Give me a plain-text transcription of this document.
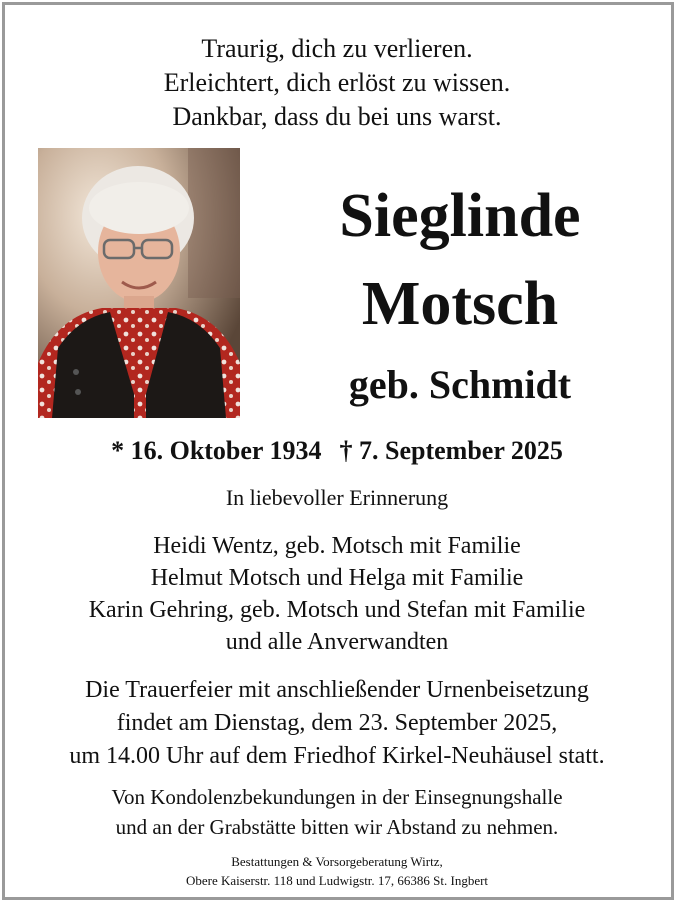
Traurig, dich zu verlieren.
Erleichtert, dich erlöst zu wissen.
Dankbar, dass du bei uns warst.
Sieglinde
Motsch
geb. Schmidt
* 16. Oktober 1934 † 7. September 2025
In liebevoller Erinnerung
Heidi Wentz, geb. Motsch mit Familie
Helmut Motsch und Helga mit Familie
Karin Gehring, geb. Motsch und Stefan mit Familie
und alle Anverwandten
Die Trauerfeier mit anschließender Urnenbeisetzung
findet am Dienstag, dem 23. September 2025,
um 14.00 Uhr auf dem Friedhof Kirkel-Neuhäusel statt.
Von Kondolenzbekundungen in der Einsegnungshalle
und an der Grabstätte bitten wir Abstand zu nehmen.
Bestattungen & Vorsorgeberatung Wirtz,
Obere Kaiserstr. 118 und Ludwigstr. 17, 66386 St. Ingbert
